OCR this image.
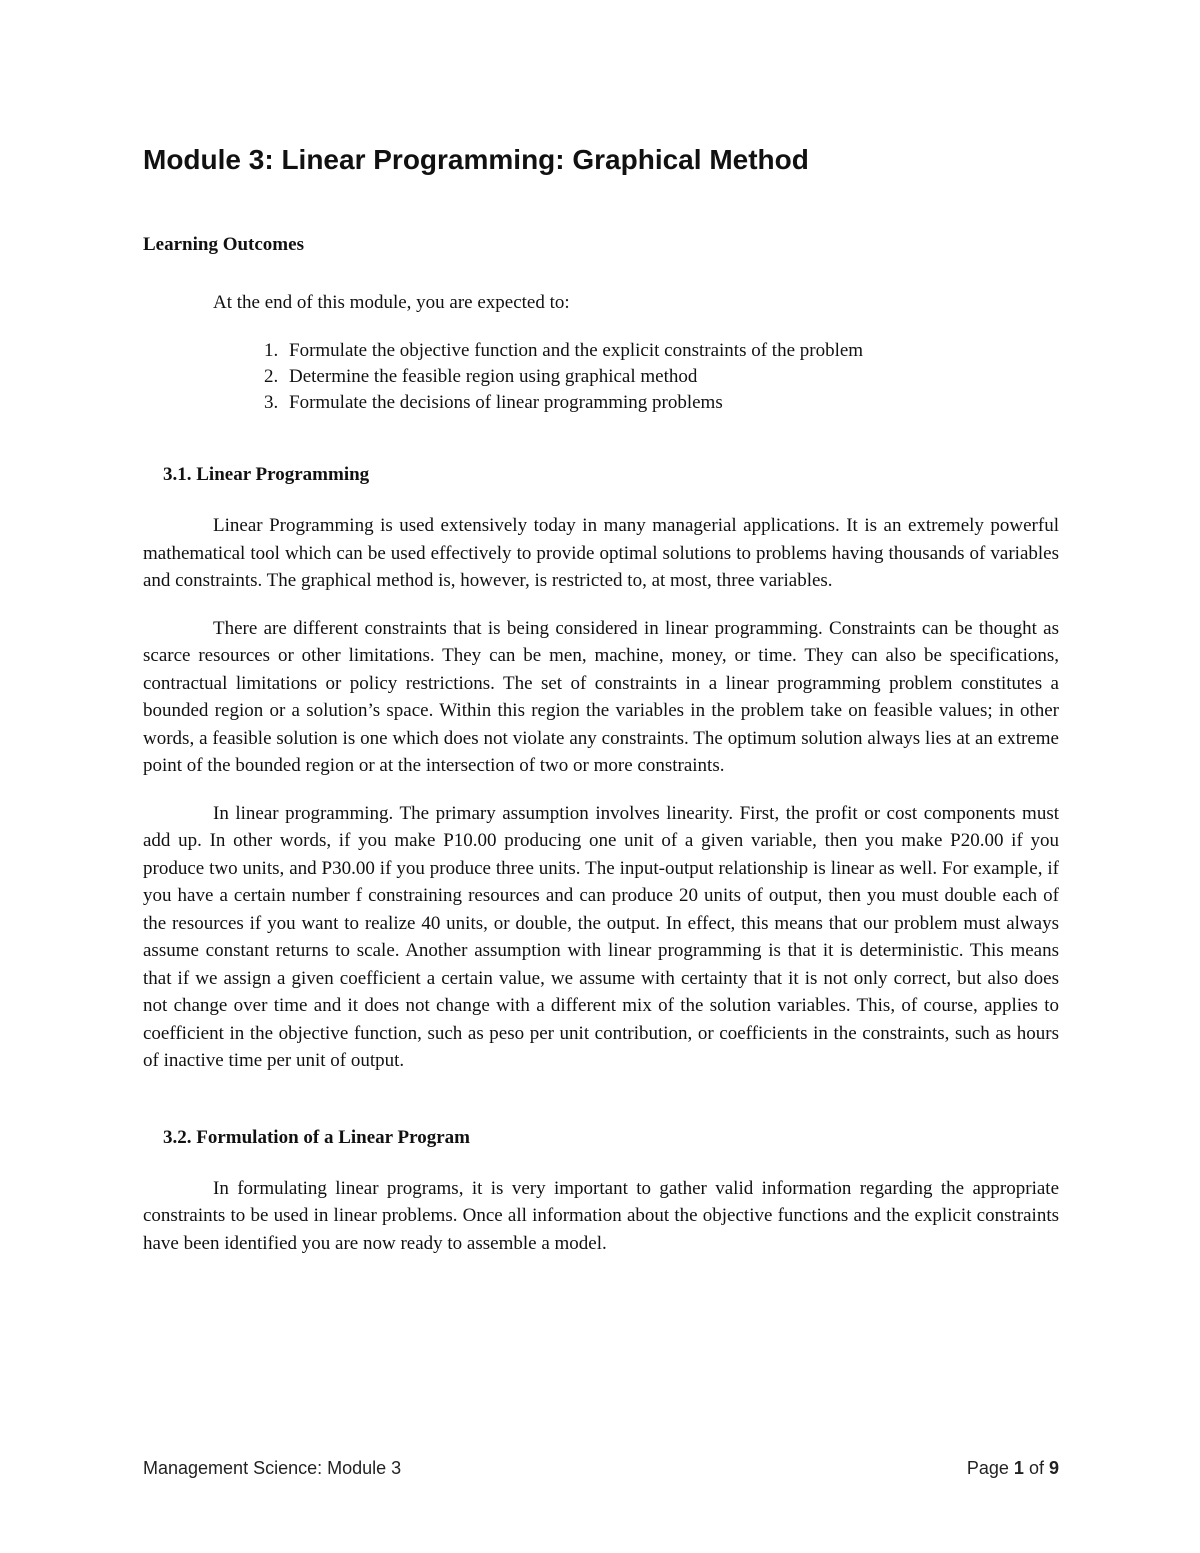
Module 3: Linear Programming: Graphical Method
Learning Outcomes
At the end of this module, you are expected to:
1. Formulate the objective function and the explicit constraints of the problem
2. Determine the feasible region using graphical method
3. Formulate the decisions of linear programming problems
3.1. Linear Programming

Linear Programming is used extensively today in many managerial applications. It is an extremely powerful mathematical tool which can be used effectively to provide optimal solutions to problems having thousands of variables and constraints. The graphical method is, however, is restricted to, at most, three variables.

There are different constraints that is being considered in linear programming. Constraints can be thought as scarce resources or other limitations. They can be men, machine, money, or time. They can also be specifications, contractual limitations or policy restrictions. The set of constraints in a linear programming problem constitutes a bounded region or a solution’s space. Within this region the variables in the problem take on feasible values; in other words, a feasible solution is one which does not violate any constraints. The optimum solution always lies at an extreme point of the bounded region or at the intersection of two or more constraints.

In linear programming. The primary assumption involves linearity. First, the profit or cost components must add up. In other words, if you make P10.00 producing one unit of a given variable, then you make P20.00 if you produce two units, and P30.00 if you produce three units. The input-output relationship is linear as well. For example, if you have a certain number f constraining resources and can produce 20 units of output, then you must double each of the resources if you want to realize 40 units, or double, the output. In effect, this means that our problem must always assume constant returns to scale. Another assumption with linear programming is that it is deterministic. This means that if we assign a given coefficient a certain value, we assume with certainty that it is not only correct, but also does not change over time and it does not change with a different mix of the solution variables. This, of course, applies to coefficient in the objective function, such as peso per unit contribution, or coefficients in the constraints, such as hours of inactive time per unit of output.

3.2. Formulation of a Linear Program

In formulating linear programs, it is very important to gather valid information regarding the appropriate constraints to be used in linear problems. Once all information about the objective functions and the explicit constraints have been identified you are now ready to assemble a model.

Management Science: Module 3	Page 1 of 9
